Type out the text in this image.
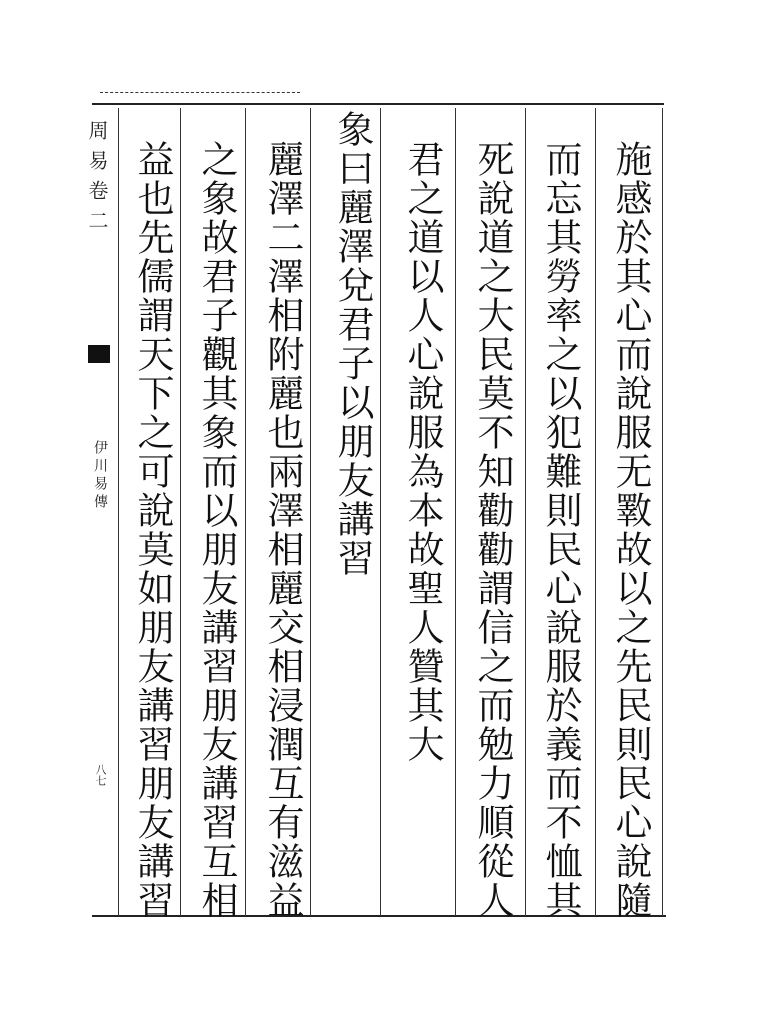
周易卷二
伊川易傳
八七	施感於其心而說服无斁故以之先民則民心說隨
而忘其勞率之以犯難則民心說服於義而不恤其
死說道之大民莫不知勸勸謂信之而勉力順從人
君之道以人心說服為本故聖人贊其大
象曰麗澤兌君子以朋友講習
麗澤二澤相附麗也兩澤相麗交相浸潤互有滋益
之象故君子觀其象而以朋友講習朋友講習互相
益也先儒謂天下之可說莫如朋友講習朋友講習
